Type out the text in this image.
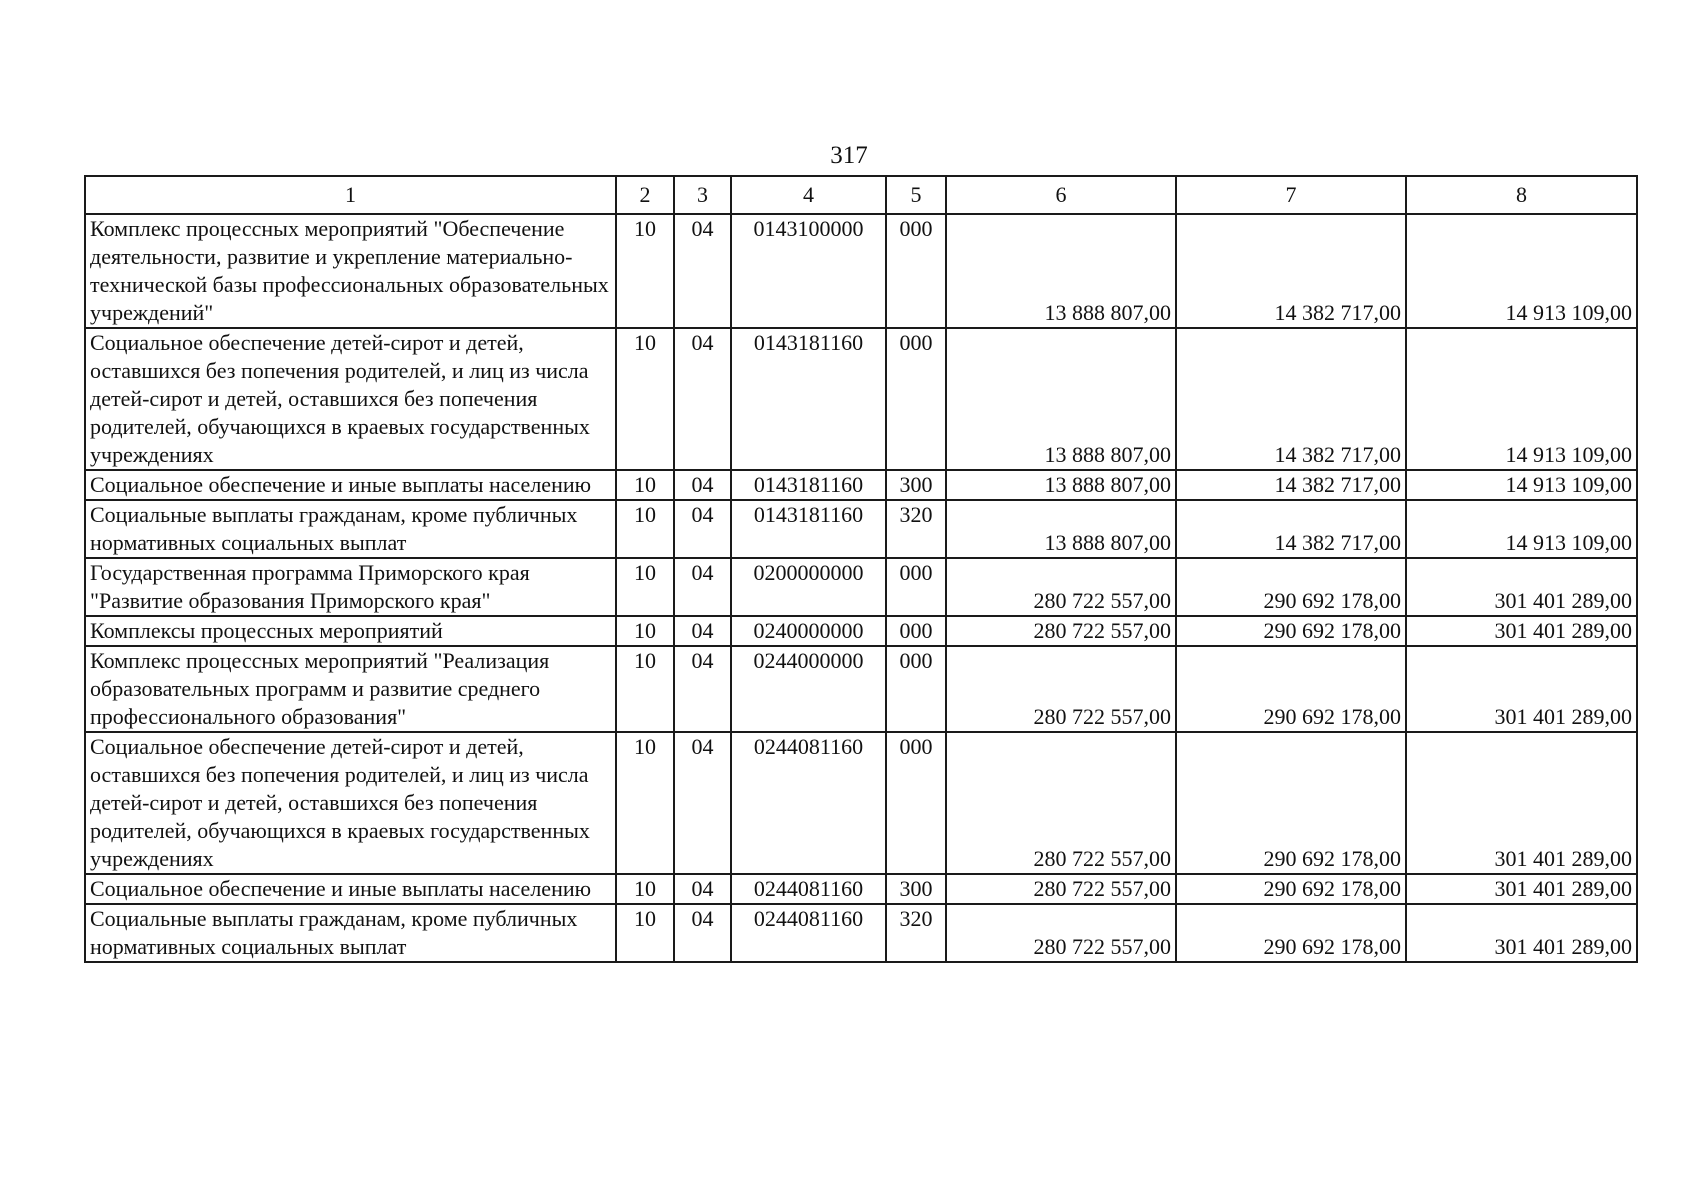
317
1	2	3	4	5	6	7	8
Комплекс процессных мероприятий "Обеспечение деятельности, развитие и укрепление материально-технической базы профессиональных образовательных учреждений"	10	04	0143100000	000	13 888 807,00	14 382 717,00	14 913 109,00
Социальное обеспечение детей-сирот и детей, оставшихся без попечения родителей, и лиц из числа детей-сирот и детей, оставшихся без попечения родителей, обучающихся в краевых государственных учреждениях	10	04	0143181160	000	13 888 807,00	14 382 717,00	14 913 109,00
Социальное обеспечение и иные выплаты населению	10	04	0143181160	300	13 888 807,00	14 382 717,00	14 913 109,00
Социальные выплаты гражданам, кроме публичных нормативных социальных выплат	10	04	0143181160	320	13 888 807,00	14 382 717,00	14 913 109,00
Государственная программа Приморского края "Развитие образования Приморского края"	10	04	0200000000	000	280 722 557,00	290 692 178,00	301 401 289,00
Комплексы процессных мероприятий	10	04	0240000000	000	280 722 557,00	290 692 178,00	301 401 289,00
Комплекс процессных мероприятий "Реализация образовательных программ и развитие среднего профессионального образования"	10	04	0244000000	000	280 722 557,00	290 692 178,00	301 401 289,00
Социальное обеспечение детей-сирот и детей, оставшихся без попечения родителей, и лиц из числа детей-сирот и детей, оставшихся без попечения родителей, обучающихся в краевых государственных учреждениях	10	04	0244081160	000	280 722 557,00	290 692 178,00	301 401 289,00
Социальное обеспечение и иные выплаты населению	10	04	0244081160	300	280 722 557,00	290 692 178,00	301 401 289,00
Социальные выплаты гражданам, кроме публичных нормативных социальных выплат	10	04	0244081160	320	280 722 557,00	290 692 178,00	301 401 289,00
